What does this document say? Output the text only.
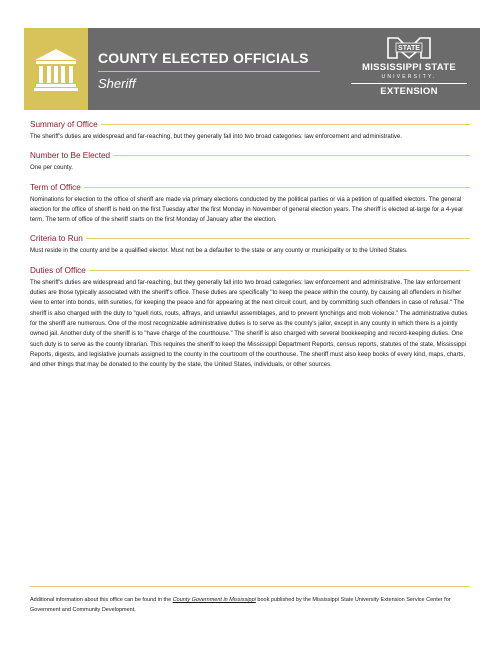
COUNTY ELECTED OFFICIALS
Sheriff
STATE
MISSISSIPPI STATE
UNIVERSITY.
EXTENSION
Summary of Office

The sheriff's duties are widespread and far-reaching, but they generally fall into two broad categories: law enforcement and administrative.

Number to Be Elected

One per county.

Term of Office

Nominations for election to the office of sheriff are made via primary elections conducted by the political parties or via a petition of qualified electors. The general election for the office of sheriff is held on the first Tuesday after the first Monday in November of general election years. The sheriff is elected at-large for a 4-year term. The term of office of the sheriff starts on the first Monday of January after the election.

Criteria to Run

Must reside in the county and be a qualified elector. Must not be a defaulter to the state or any county or municipality or to the United States.

Duties of Office

The sheriff's duties are widespread and far-reaching, but they generally fall into two broad categories: law enforcement and administrative. The law enforcement duties are those typically associated with the sheriff's office. These duties are specifically "to keep the peace within the county, by causing all offenders in his/her view to enter into bonds, with sureties, for keeping the peace and for appearing at the next circuit court, and by committing such offenders in case of refusal." The sheriff is also charged with the duty to "quell riots, routs, affrays, and unlawful assemblages, and to prevent lynchings and mob violence." The administrative duties for the sheriff are numerous. One of the most recognizable administrative duties is to serve as the county's jailor, except in any county in which there is a jointly owned jail. Another duty of the sheriff is to "have charge of the courthouse." The sheriff is also charged with several bookkeeping and record-keeping duties. One such duty is to serve as the county librarian. This requires the sheriff to keep the Mississippi Department Reports, census reports, statutes of the state, Mississippi Reports, digests, and legislative journals assigned to the county in the courtroom of the courthouse. The sheriff must also keep books of every kind, maps, charts, and other things that may be donated to the county by the state, the United States, individuals, or other sources.

Additional information about this office can be found in the County Government in Mississippi book published by the Mississippi State University Extension Service Center for Government and Community Development.
